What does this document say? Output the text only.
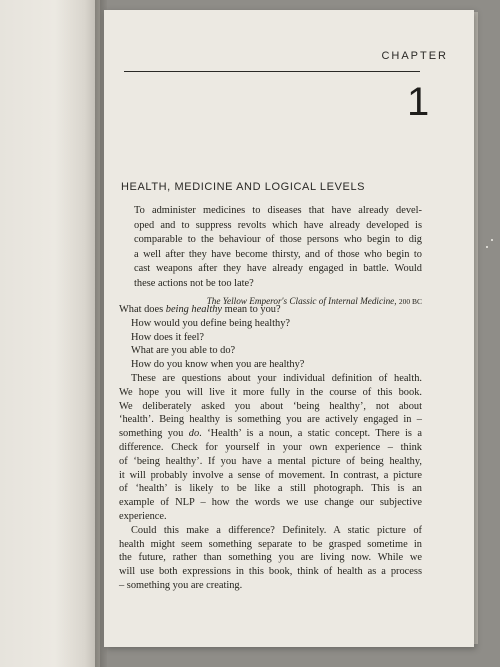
CHAPTER
1
HEALTH, MEDICINE AND LOGICAL LEVELS
To administer medicines to diseases that have already devel-
oped and to suppress revolts which have already developed is
comparable to the behaviour of those persons who begin to dig
a well after they have become thirsty, and of those who begin to
cast weapons after they have already engaged in battle. Would
these actions not be too late?
The Yellow Emperor's Classic of Internal Medicine, 200 BC
What does being healthy mean to you?
How would you define being healthy?
How does it feel?
What are you able to do?
How do you know when you are healthy?
These are questions about your individual definition of health.
We hope you will live it more fully in the course of this book.
We deliberately asked you about ‘being healthy’, not about
‘health’. Being healthy is something you are actively engaged in –
something you do. ‘Health’ is a noun, a static concept. There is a
difference. Check for yourself in your own experience – think
of ‘being healthy’. If you have a mental picture of being healthy,
it will probably involve a sense of movement. In contrast, a picture
of ‘health’ is likely to be like a still photograph. This is an
example of NLP – how the words we use change our subjective
experience.
Could this make a difference? Definitely. A static picture of
health might seem something separate to be grasped sometime in
the future, rather than something you are living now. While we
will use both expressions in this book, think of health as a process
– something you are creating.
